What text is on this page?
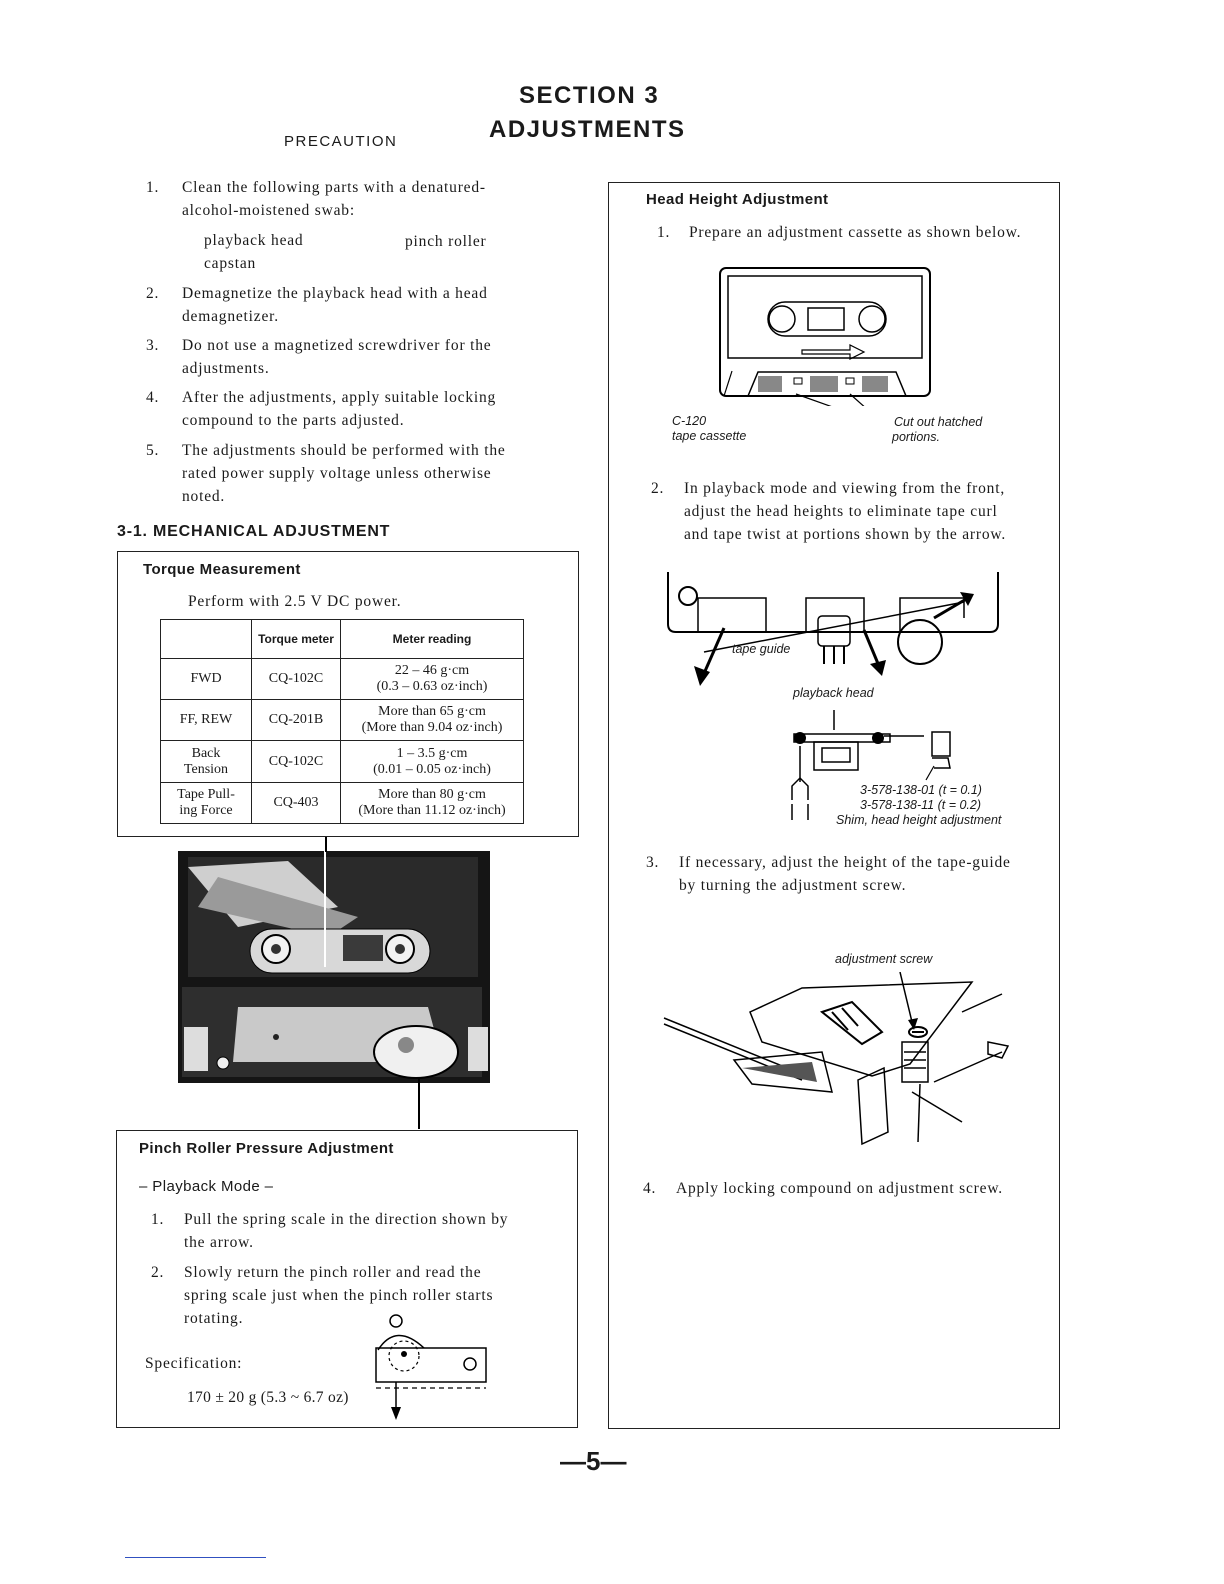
SECTION 3
ADJUSTMENTS
PRECAUTION
1. Clean the following parts with a denatured-
alcohol-moistened swab:
playback head	pinch roller
capstan
2. Demagnetize the playback head with a head
demagnetizer.
3. Do not use a magnetized screwdriver for the
adjustments.
4. After the adjustments, apply suitable locking
compound to the parts adjusted.
5. The adjustments should be performed with the
rated power supply voltage unless otherwise
noted.
3-1. MECHANICAL ADJUSTMENT
Torque Measurement
Perform with 2.5 V DC power.
	Torque meter	Meter reading
FWD	CQ-102C	22 – 46 g·cm
(0.3 – 0.63 oz·inch)

FF, REW	CQ-201B	More than 65 g·cm
(More than 9.04 oz·inch)

Back Tension	CQ-102C	1 – 3.5 g·cm
(0.01 – 0.05 oz·inch)

Tape Pull-ing Force	CQ-403	More than 80 g·cm
(More than 11.12 oz·inch)
Pinch Roller Pressure Adjustment
– Playback Mode –
1. Pull the spring scale in the direction shown by
the arrow.
2. Slowly return the pinch roller and read the
spring scale just when the pinch roller starts
rotating.
Specification:
170 ± 20 g (5.3 ~ 6.7 oz)
Head Height Adjustment
1. Prepare an adjustment cassette as shown below.
2. In playback mode and viewing from the front,
adjust the head heights to eliminate tape curl
and tape twist at portions shown by the arrow.
3. If necessary, adjust the height of the tape-guide
by turning the adjustment screw.
4. Apply locking compound on adjustment screw.
C-120
tape cassette
Cut out hatched
portions.
tape guide
playback head
3-578-138-01 (t = 0.1)
3-578-138-11 (t = 0.2)
Shim, head height adjustment
adjustment screw
—5—
